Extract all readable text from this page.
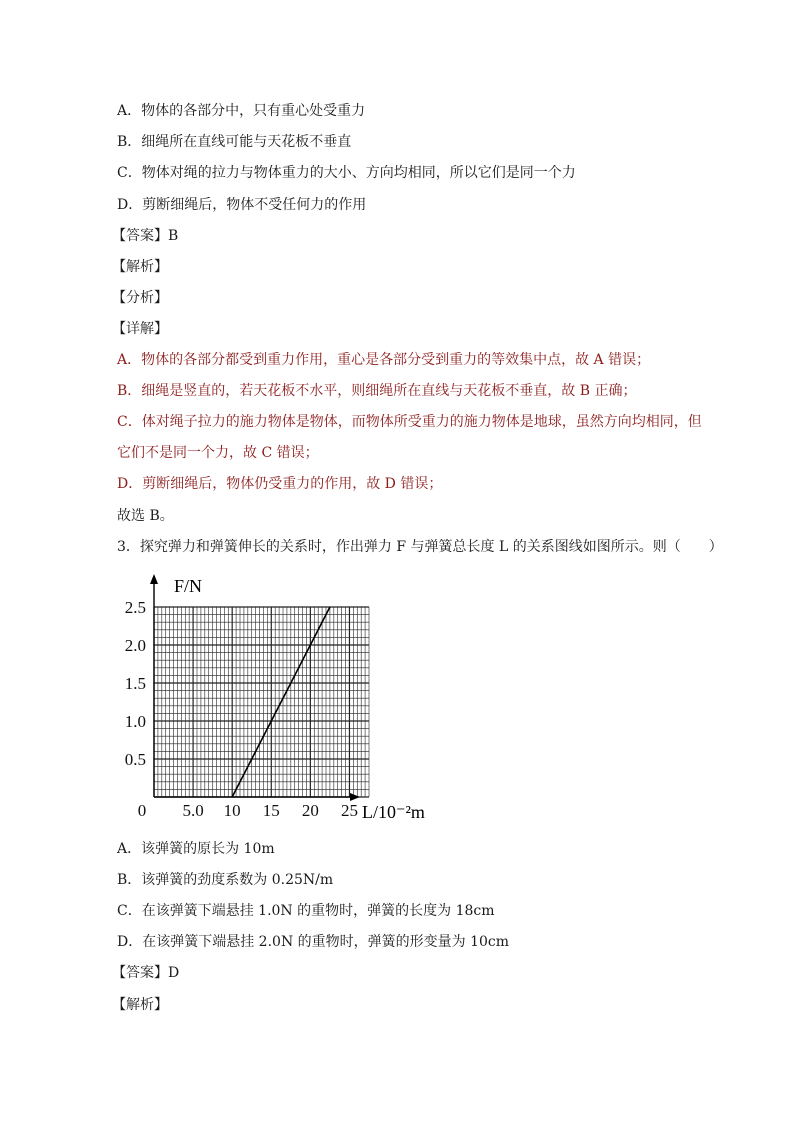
A．物体的各部分中，只有重心处受重力
B．细绳所在直线可能与天花板不垂直
C．物体对绳的拉力与物体重力的大小、方向均相同，所以它们是同一个力
D．剪断细绳后，物体不受任何力的作用
【答案】B
【解析】
【分析】
【详解】
A．物体的各部分都受到重力作用，重心是各部分受到重力的等效集中点，故 A 错误；
B．细绳是竖直的，若天花板不水平，则细绳所在直线与天花板不垂直，故 B 正确；
C．体对绳子拉力的施力物体是物体，而物体所受重力的施力物体是地球，虽然方向均相同，但
它们不是同一个力，故 C 错误；
D．剪断细绳后，物体仍受重力的作用，故 D 错误；
故选 B。
3．探究弹力和弹簧伸长的关系时，作出弹力 F 与弹簧总长度 L 的关系图线如图所示。则（　　）
0 5.0 10 15 20 25
0.5
1.0
1.5
2.0
2.5
F/N
L/10⁻²m
A．该弹簧的原长为 10m
B．该弹簧的劲度系数为 0.25N/m
C．在该弹簧下端悬挂 1.0N 的重物时，弹簧的长度为 18cm
D．在该弹簧下端悬挂 2.0N 的重物时，弹簧的形变量为 10cm
【答案】D
【解析】
